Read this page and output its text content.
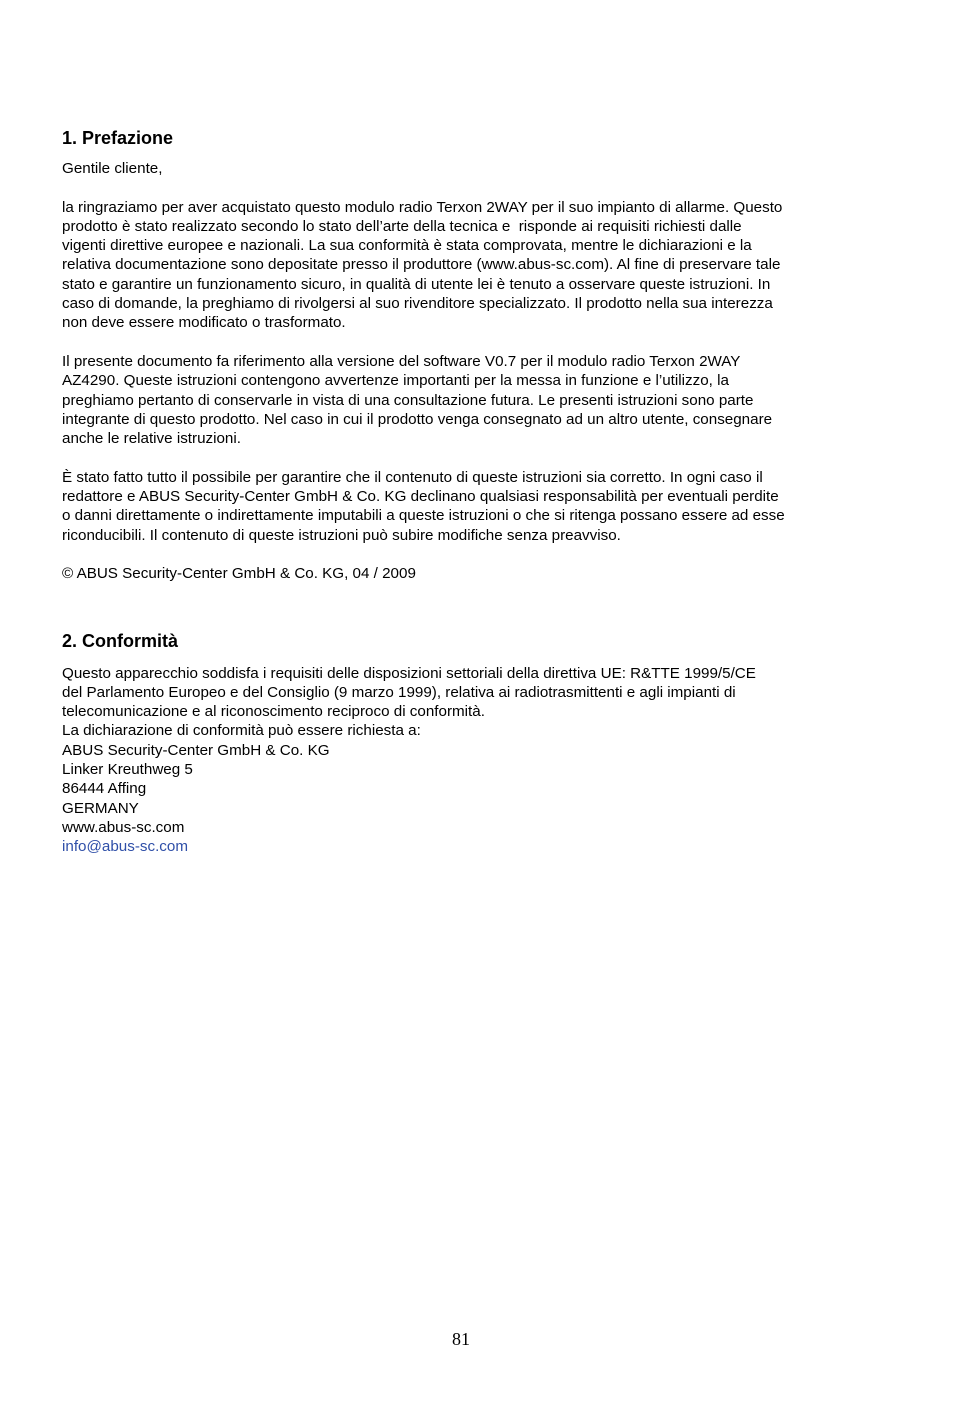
1. Prefazione
Gentile cliente,
la ringraziamo per aver acquistato questo modulo radio Terxon 2WAY per il suo impianto di allarme. Questo
prodotto è stato realizzato secondo lo stato dell’arte della tecnica e  risponde ai requisiti richiesti dalle
vigenti direttive europee e nazionali. La sua conformità è stata comprovata, mentre le dichiarazioni e la
relativa documentazione sono depositate presso il produttore (www.abus-sc.com). Al fine di preservare tale
stato e garantire un funzionamento sicuro, in qualità di utente lei è tenuto a osservare queste istruzioni. In
caso di domande, la preghiamo di rivolgersi al suo rivenditore specializzato. Il prodotto nella sua interezza
non deve essere modificato o trasformato.
Il presente documento fa riferimento alla versione del software V0.7 per il modulo radio Terxon 2WAY
AZ4290. Queste istruzioni contengono avvertenze importanti per la messa in funzione e l’utilizzo, la
preghiamo pertanto di conservarle in vista di una consultazione futura. Le presenti istruzioni sono parte
integrante di questo prodotto. Nel caso in cui il prodotto venga consegnato ad un altro utente, consegnare
anche le relative istruzioni.
È stato fatto tutto il possibile per garantire che il contenuto di queste istruzioni sia corretto. In ogni caso il
redattore e ABUS Security-Center GmbH & Co. KG declinano qualsiasi responsabilità per eventuali perdite
o danni direttamente o indirettamente imputabili a queste istruzioni o che si ritenga possano essere ad esse
riconducibili. Il contenuto di queste istruzioni può subire modifiche senza preavviso.
© ABUS Security-Center GmbH & Co. KG, 04 / 2009
2. Conformità
Questo apparecchio soddisfa i requisiti delle disposizioni settoriali della direttiva UE: R&TTE 1999/5/CE
del Parlamento Europeo e del Consiglio (9 marzo 1999), relativa ai radiotrasmittenti e agli impianti di
telecomunicazione e al riconoscimento reciproco di conformità.
La dichiarazione di conformità può essere richiesta a:
ABUS Security-Center GmbH & Co. KG
Linker Kreuthweg 5
86444 Affing
GERMANY
www.abus-sc.com
info@abus-sc.com
81
